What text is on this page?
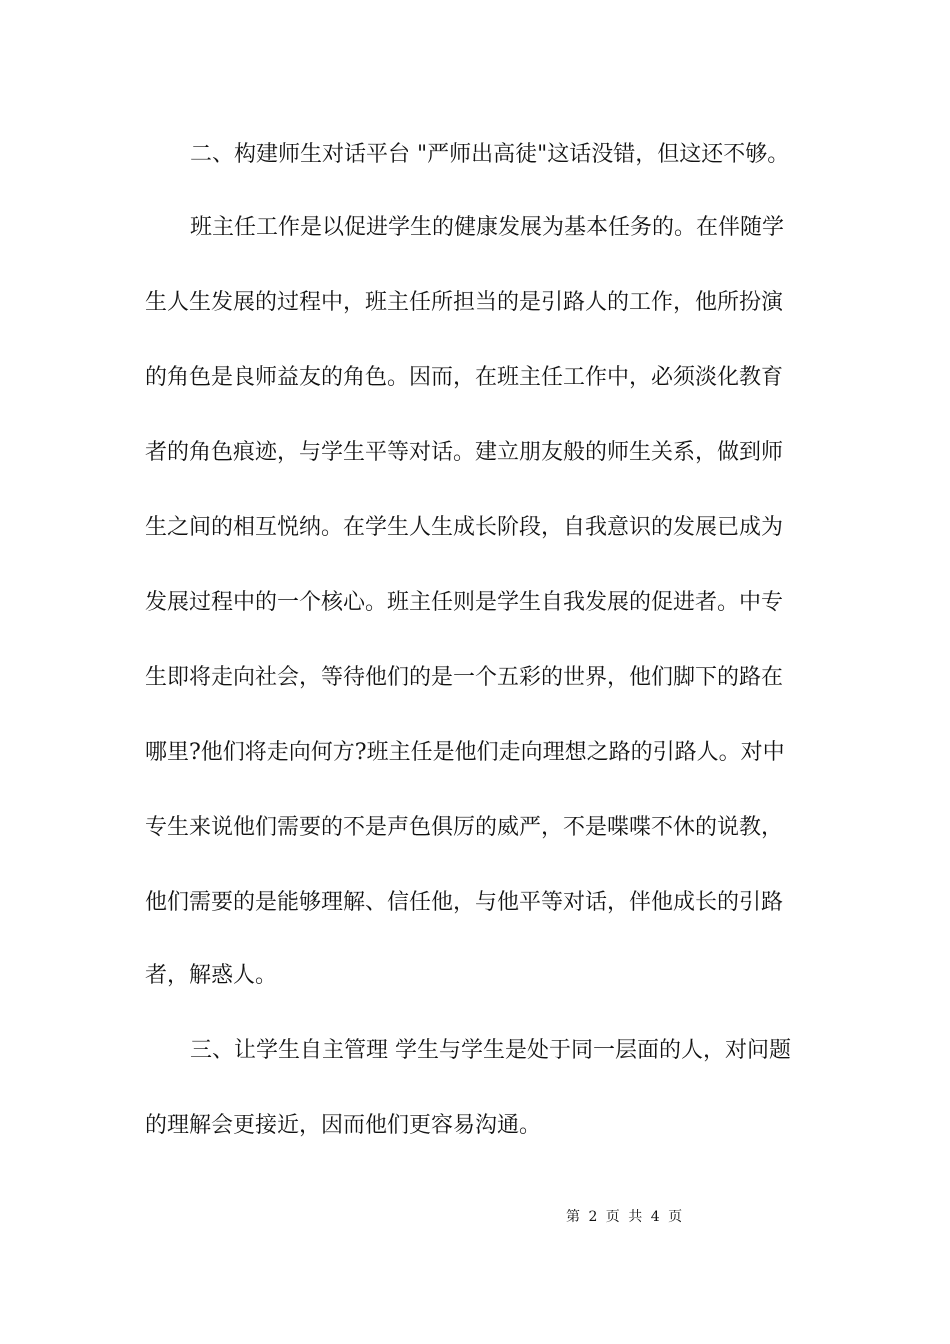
二、构建师生对话平台 "严师出高徒"这话没错，但这还不够。
班主任工作是以促进学生的健康发展为基本任务的。在伴随学
生人生发展的过程中，班主任所担当的是引路人的工作，他所扮演
的角色是良师益友的角色。因而，在班主任工作中，必须淡化教育
者的角色痕迹，与学生平等对话。建立朋友般的师生关系，做到师
生之间的相互悦纳。在学生人生成长阶段，自我意识的发展已成为
发展过程中的一个核心。班主任则是学生自我发展的促进者。中专
生即将走向社会，等待他们的是一个五彩的世界，他们脚下的路在
哪里?他们将走向何方?班主任是他们走向理想之路的引路人。对中
专生来说他们需要的不是声色俱厉的威严，不是喋喋不休的说教，
他们需要的是能够理解、信任他，与他平等对话，伴他成长的引路
者，解惑人。
三、让学生自主管理 学生与学生是处于同一层面的人，对问题
的理解会更接近，因而他们更容易沟通。
第 2 页 共 4 页
